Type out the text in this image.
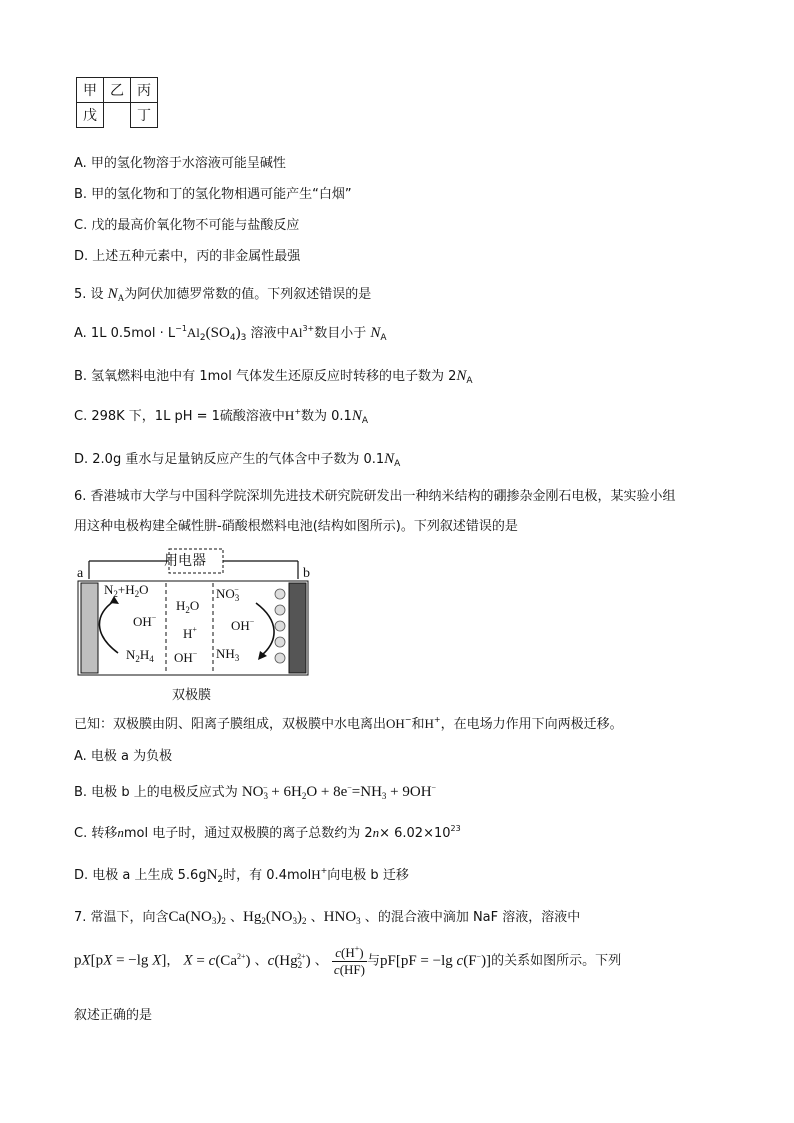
甲	乙	丙
戊		丁
A. 甲的氢化物溶于水溶液可能呈碱性
B. 甲的氢化物和丁的氢化物相遇可能产生“白烟”
C. 戊的最高价氧化物不可能与盐酸反应
D. 上述五种元素中，丙的非金属性最强
5. 设 $N_A$为阿伏加德罗常数的值。下列叙述错误的是
A. 1L $0.5mol \cdot L^{-1}Al_2(SO_4)_3$ 溶液中$Al^{3+}$数目小于 $N_A$
B. 氢氧燃料电池中有 1mol 气体发生还原反应时转移的电子数为 $2N_A$
C. 298K 下，1L pH = 1硫酸溶液中H+数为 $0.1N_A$
D. 2.0g 重水与足量钠反应产生的气体含中子数为 $0.1N_A$
6. 香港城市大学与中国科学院深圳先进技术研究院研发出一种纳米结构的硼掺杂金刚石电极，某实验小组
用这种电极构建全碱性肼-硝酸根燃料电池(结构如图所示)。下列叙述错误的是
用电器
a	b
$N_2+H_2O$
OH−
$N_2H_4$
$H_2O$
H+
OH−
$NO_3^-$
OH−
$NH_3$
双极膜
已知：双极膜由阴、阳离子膜组成，双极膜中水电离出OH−和H+，在电场力作用下向两极迁移。
A. 电极 a 为负极
B. 电极 b 上的电极反应式为 $NO_3^- + 6H_2O + 8e^-=NH_3 + 9OH^-$
C. 转移nmol 电子时，通过双极膜的离子总数约为 $2n\times 6.02\times 10^{23}$
D. 电极 a 上生成 $5.6gN_2$时，有 0.4molH+向电极 b 迁移
7. 常温下，向含$Ca(NO_3)_2$ 、$Hg_2(NO_3)_2$ 、$HNO_3$ 、的混合液中滴加 NaF 溶液，溶液中
pX[pX = −lg X]， $X = c(Ca^{2+})$ 、$c(Hg_2^{2+})$ 、 $\frac{c(H^+)}{c(HF)}$ 与pF[pF = −lg c(F−)]的关系如图所示。下列
叙述正确的是
